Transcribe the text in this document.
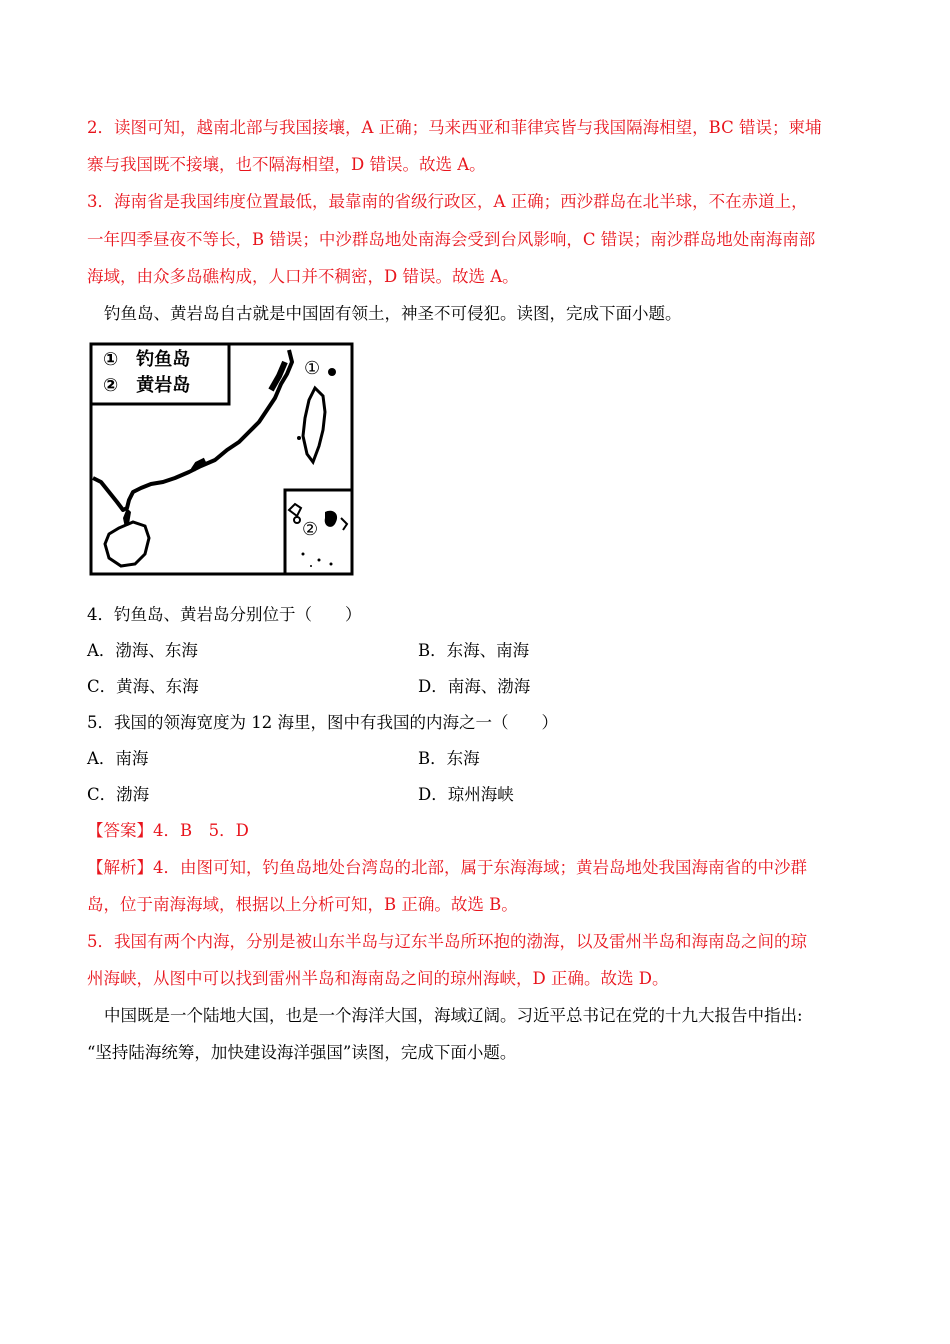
2．读图可知，越南北部与我国接壤，A 正确；马来西亚和菲律宾皆与我国隔海相望，BC 错误；柬埔
寨与我国既不接壤，也不隔海相望，D 错误。故选 A。
3．海南省是我国纬度位置最低，最靠南的省级行政区，A 正确；西沙群岛在北半球，不在赤道上，
一年四季昼夜不等长，B 错误；中沙群岛地处南海会受到台风影响，C 错误；南沙群岛地处南海南部
海域，由众多岛礁构成，人口并不稠密，D 错误。故选 A。
钓鱼岛、黄岩岛自古就是中国固有领土，神圣不可侵犯。读图，完成下面小题。
①　钓鱼岛
②　黄岩岛
①
②
4．钓鱼岛、黄岩岛分别位于（　　）
A．渤海、东海	B．东海、南海
C．黄海、东海	D．南海、渤海
5．我国的领海宽度为 12 海里，图中有我国的内海之一（　　）
A．南海	B．东海
C．渤海	D．琼州海峡
【答案】4．B　5．D
【解析】4．由图可知，钓鱼岛地处台湾岛的北部，属于东海海域；黄岩岛地处我国海南省的中沙群
岛，位于南海海域，根据以上分析可知，B 正确。故选 B。
5．我国有两个内海，分别是被山东半岛与辽东半岛所环抱的渤海，以及雷州半岛和海南岛之间的琼
州海峡，从图中可以找到雷州半岛和海南岛之间的琼州海峡，D 正确。故选 D。
中国既是一个陆地大国，也是一个海洋大国，海域辽阔。习近平总书记在党的十九大报告中指出:
“坚持陆海统筹，加快建设海洋强国”读图，完成下面小题。
